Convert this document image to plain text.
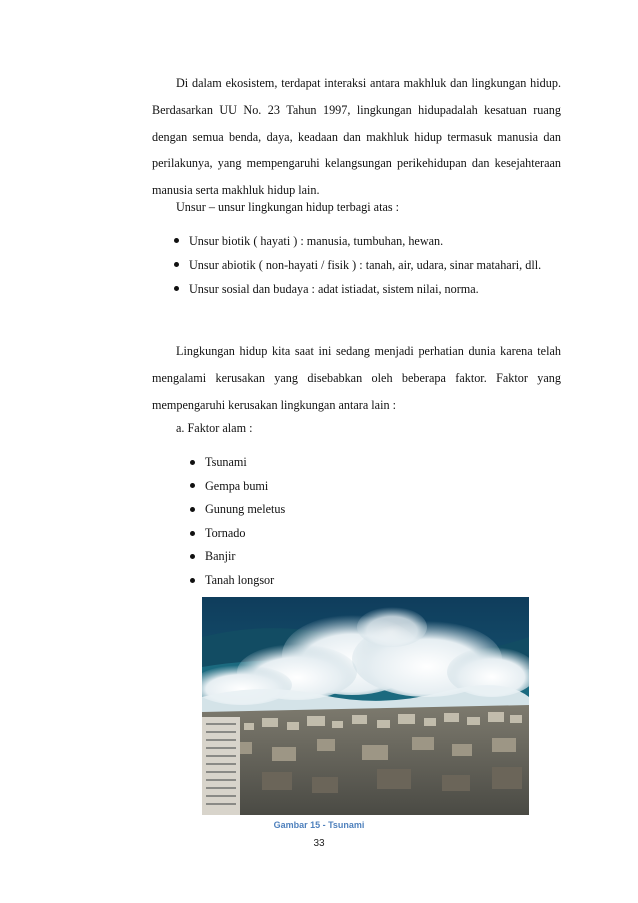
Di dalam ekosistem, terdapat interaksi antara makhluk dan lingkungan hidup. Berdasarkan UU No. 23 Tahun 1997, lingkungan hidupadalah kesatuan ruang dengan semua benda, daya, keadaan dan makhluk hidup termasuk manusia dan perilakunya, yang mempengaruhi kelangsungan perikehidupan dan kesejahteraan manusia serta makhluk hidup lain.

Unsur – unsur lingkungan hidup terbagi atas :

Unsur biotik ( hayati ) : manusia, tumbuhan, hewan.
Unsur abiotik ( non-hayati / fisik ) : tanah, air, udara, sinar matahari, dll.
Unsur sosial dan budaya : adat istiadat, sistem nilai, norma.

Lingkungan hidup kita saat ini sedang menjadi perhatian dunia karena telah mengalami kerusakan yang disebabkan oleh beberapa faktor. Faktor yang mempengaruhi kerusakan lingkungan antara lain :

a. Faktor alam :

Tsunami
Gempa bumi
Gunung meletus
Tornado
Banjir
Tanah longsor
Gambar 15 - Tsunami
33
